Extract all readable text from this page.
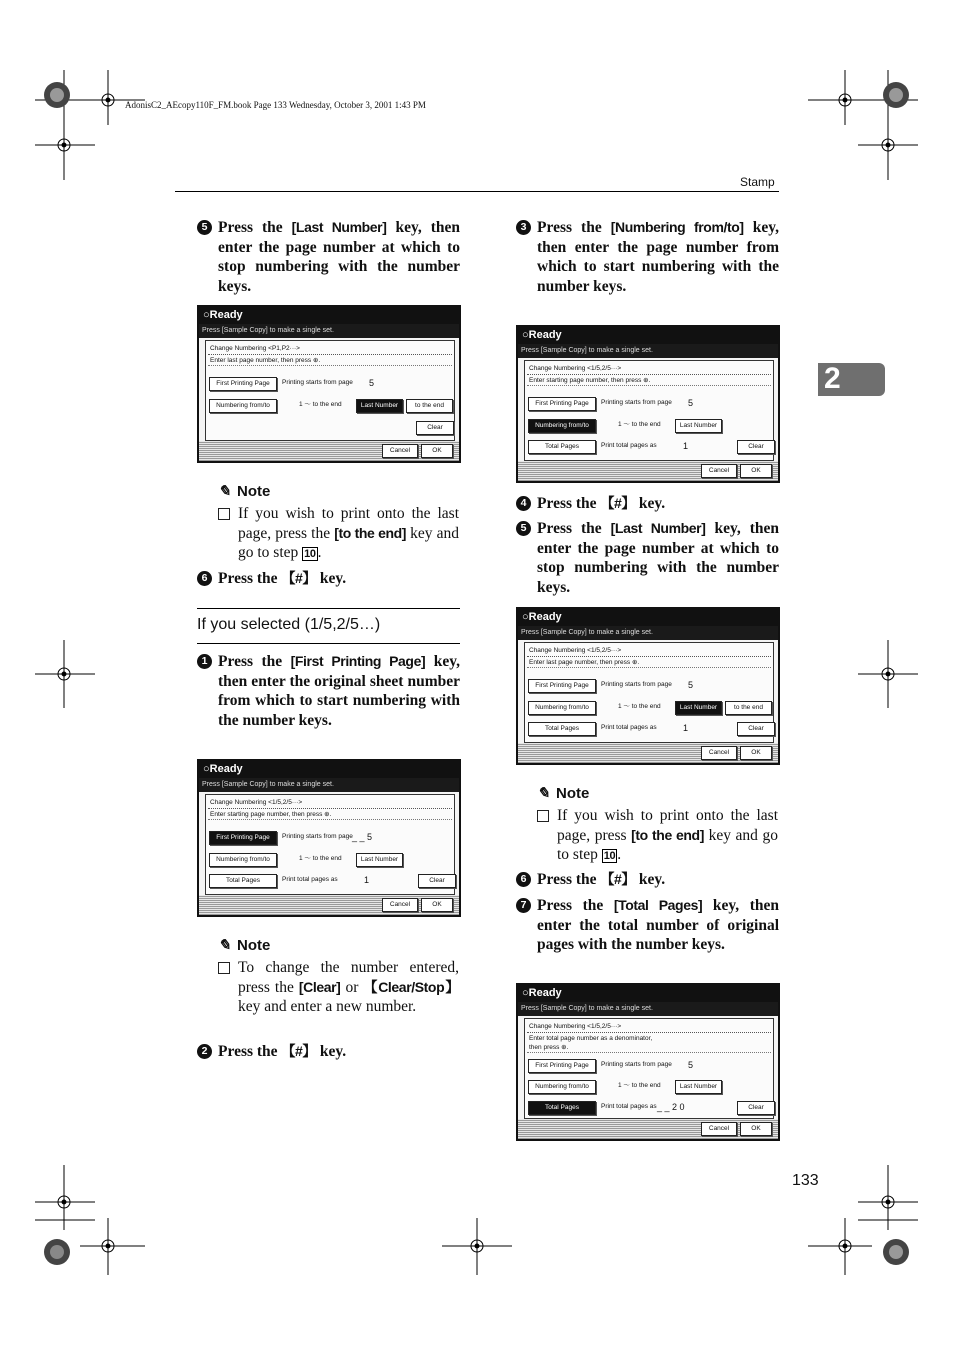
AdonisC2_AEcopy110F_FM.book Page 133 Wednesday, October 3, 2001 1:43 PM
Stamp
2
5 Press the [Last Number] key, then enter the page number at which to stop numbering with the number keys.
○Ready
Press [Sample Copy] to make a single set.
Change Numbering <P1,P2···>
Enter last page number, then press ⊕.
First Printing Page	Printing starts from page 5
Numbering from/to	1 ～ to the end	Last Number	to the end
Clear
Cancel	OK
✎ Note
If you wish to print onto the last page, press the [to the end] key and go to step 10 .
6 Press the 【#】 key.
If you selected (1/5,2/5…)
1 Press the [First Printing Page] key, then enter the original sheet number from which to start numbering with the number keys.
○Ready
Press [Sample Copy] to make a single set.
Change Numbering <1/5,2/5···>
Enter starting page number, then press ⊕.
First Printing Page	Printing starts from page _ _ 5
Numbering from/to	1 ～ to the end	Last Number
Total Pages	Print total pages as	1	Clear
Cancel	OK
✎ Note
To change the number entered, press the [Clear] or 【Clear/Stop】 key and enter a new number.
2 Press the 【#】 key.
3 Press the [Numbering from/to] key, then enter the page number from which to start numbering with the number keys.
○Ready
Press [Sample Copy] to make a single set.
Change Numbering <1/5,2/5···>
Enter starting page number, then press ⊕.
First Printing Page	Printing starts from page 5
Numbering from/to	1 ～ to the end	Last Number
Total Pages	Print total pages as	1	Clear
Cancel	OK
4 Press the 【#】 key.
5 Press the [Last Number] key, then enter the page number at which to stop numbering with the number keys.
○Ready
Press [Sample Copy] to make a single set.
Change Numbering <1/5,2/5···>
Enter last page number, then press ⊕.
First Printing Page	Printing starts from page 5
Numbering from/to	1 ～ to the end	Last Number	to the end
Total Pages	Print total pages as	1	Clear
Cancel	OK
✎ Note
If you wish to print onto the last page, press [to the end] key and go to step 10 .
6 Press the 【#】 key.
7 Press the [Total Pages] key, then enter the total number of original pages with the number keys.
○Ready
Press [Sample Copy] to make a single set.
Change Numbering <1/5,2/5···>
Enter total page number as a denominator,
then press ⊕.
First Printing Page	Printing starts from page 5
Numbering from/to	1 ～ to the end	Last Number
Total Pages	Print total pages as _ _ 2 0	Clear
Cancel	OK
133
